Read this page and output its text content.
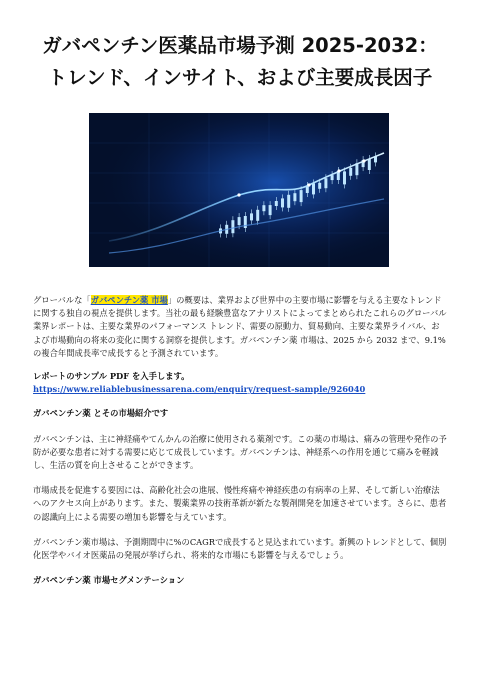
ガバペンチン医薬品市場予測 2025-2032：トレンド、インサイト、および主要成長因子

グローバルな「ガバペンチン薬 市場」の概要は、業界および世界中の主要市場に影響を与える主要なトレンドに関する独自の視点を提供します。当社の最も経験豊富なアナリストによってまとめられたこれらのグローバル業界レポートは、主要な業界のパフォーマンス トレンド、需要の原動力、貿易動向、主要な業界ライバル、および市場動向の将来の変化に関する洞察を提供します。ガバペンチン薬 市場は、2025 から 2032 まで、9.1% の複合年間成長率で成長すると予測されています。

レポートのサンプル PDF を入手します。 https://www.reliablebusinessarena.com/enquiry/request-sample/926040

ガバペンチン薬 とその市場紹介です

ガバペンチンは、主に神経痛やてんかんの治療に使用される薬剤です。この薬の市場は、痛みの管理や発作の予防が必要な患者に対する需要に応じて成長しています。ガバペンチンは、神経系への作用を通じて痛みを軽減し、生活の質を向上させることができます。

市場成長を促進する要因には、高齢化社会の進展、慢性疼痛や神経疾患の有病率の上昇、そして新しい治療法へのアクセス向上があります。また、製薬業界の技術革新が新たな製剤開発を加速させています。さらに、患者の認識向上による需要の増加も影響を与えています。

ガバペンチン薬市場は、予測期間中に%のCAGRで成長すると見込まれています。新興のトレンドとして、個別化医学やバイオ医薬品の発展が挙げられ、将来的な市場にも影響を与えるでしょう。

ガバペンチン薬 市場セグメンテーション
